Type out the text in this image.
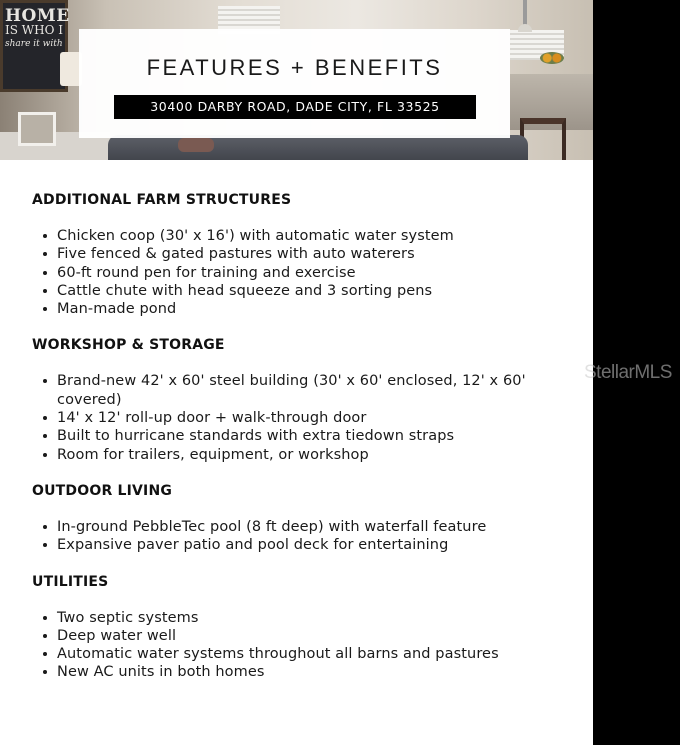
HOME
IS WHO I
share it with
FEATURES + BENEFITS
30400 DARBY ROAD, DADE CITY, FL 33525
ADDITIONAL FARM STRUCTURES
Chicken coop (30' x 16') with automatic water system
Five fenced & gated pastures with auto waterers
60-ft round pen for training and exercise
Cattle chute with head squeeze and 3 sorting pens
Man-made pond
WORKSHOP & STORAGE
Brand-new 42' x 60' steel building (30' x 60' enclosed, 12' x 60' covered)
14' x 12' roll-up door + walk-through door
Built to hurricane standards with extra tiedown straps
Room for trailers, equipment, or workshop
OUTDOOR LIVING
In-ground PebbleTec pool (8 ft deep) with waterfall feature
Expansive paver patio and pool deck for entertaining
UTILITIES
Two septic systems
Deep water well
Automatic water systems throughout all barns and pastures
New AC units in both homes
StellarMLS
